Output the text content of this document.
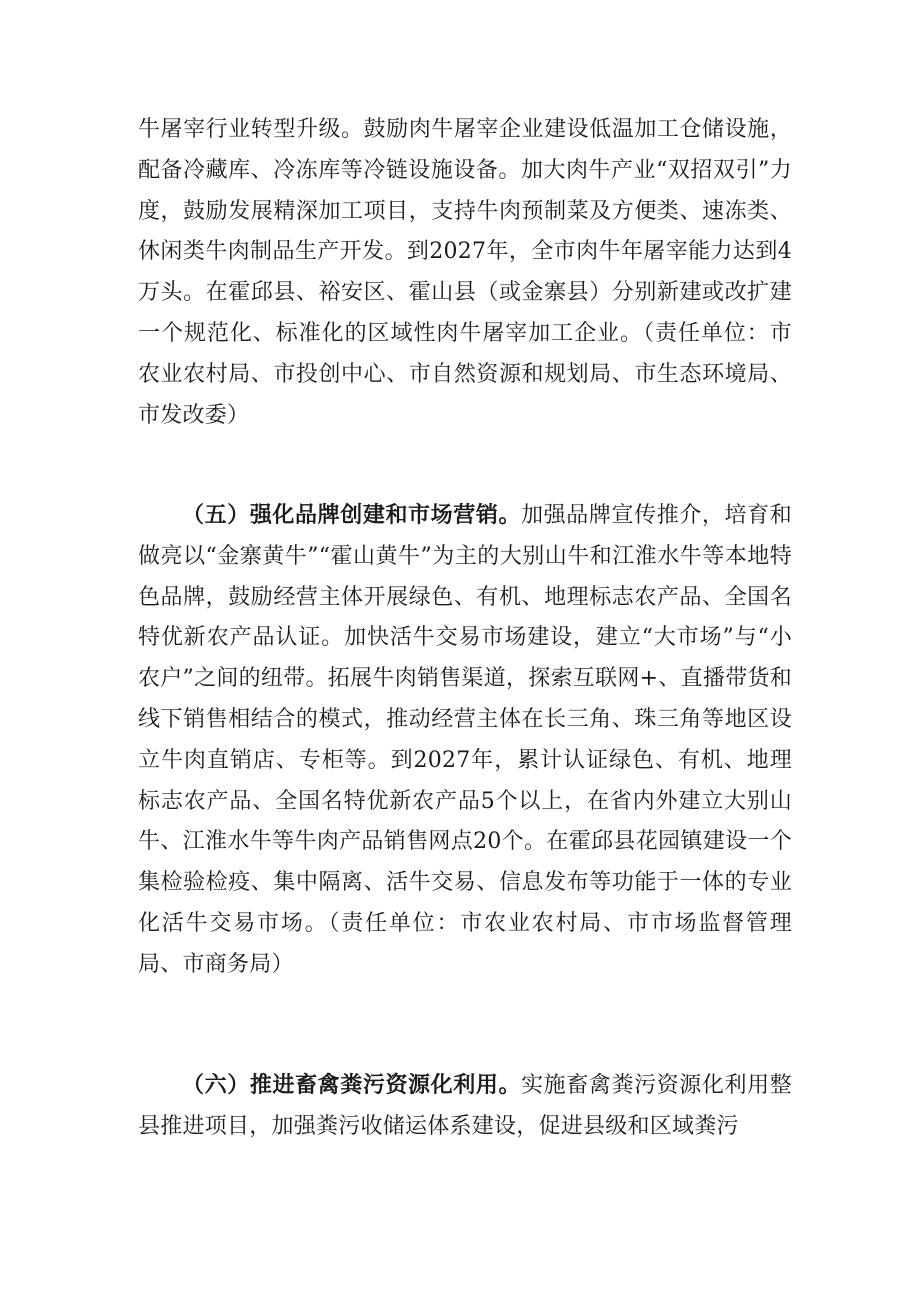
牛屠宰行业转型升级。鼓励肉牛屠宰企业建设低温加工仓储设施，配备冷藏库、冷冻库等冷链设施设备。加大肉牛产业“双招双引”力度，鼓励发展精深加工项目，支持牛肉预制菜及方便类、速冻类、休闲类牛肉制品生产开发。到2027年，全市肉牛年屠宰能力达到4万头。在霍邱县、裕安区、霍山县（或金寨县）分别新建或改扩建一个规范化、标准化的区域性肉牛屠宰加工企业。（责任单位：市农业农村局、市投创中心、市自然资源和规划局、市生态环境局、市发改委）

（五）强化品牌创建和市场营销。加强品牌宣传推介，培育和做亮以“金寨黄牛”“霍山黄牛”为主的大别山牛和江淮水牛等本地特色品牌，鼓励经营主体开展绿色、有机、地理标志农产品、全国名特优新农产品认证。加快活牛交易市场建设，建立“大市场”与“小农户”之间的纽带。拓展牛肉销售渠道，探索互联网+、直播带货和线下销售相结合的模式，推动经营主体在长三角、珠三角等地区设立牛肉直销店、专柜等。到2027年，累计认证绿色、有机、地理标志农产品、全国名特优新农产品5个以上，在省内外建立大别山牛、江淮水牛等牛肉产品销售网点20个。在霍邱县花园镇建设一个集检验检疫、集中隔离、活牛交易、信息发布等功能于一体的专业化活牛交易市场。（责任单位：市农业农村局、市市场监督管理局、市商务局）

（六）推进畜禽粪污资源化利用。实施畜禽粪污资源化利用整县推进项目，加强粪污收储运体系建设，促进县级和区域粪污
